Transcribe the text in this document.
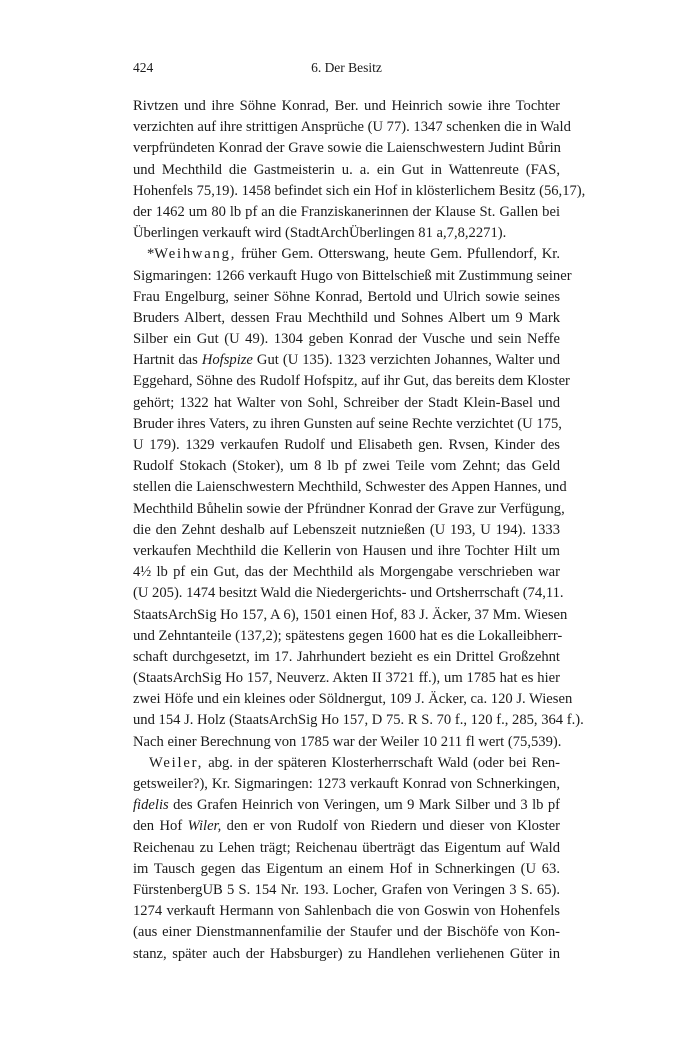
424	6. Der Besitz
Rivtzen und ihre Söhne Konrad, Ber. und Heinrich sowie ihre Tochter
verzichten auf ihre strittigen Ansprüche (U 77). 1347 schenken die in Wald
verpfründeten Konrad der Grave sowie die Laienschwestern Judint Bůrin
und Mechthild die Gastmeisterin u. a. ein Gut in Wattenreute (FAS,
Hohenfels 75,19). 1458 befindet sich ein Hof in klösterlichem Besitz (56,17),
der 1462 um 80 lb pf an die Franziskanerinnen der Klause St. Gallen bei
Überlingen verkauft wird (StadtArchÜberlingen 81 a,7,8,2271).
*Weihwang, früher Gem. Otterswang, heute Gem. Pfullendorf, Kr.
Sigmaringen: 1266 verkauft Hugo von Bittelschieß mit Zustimmung seiner
Frau Engelburg, seiner Söhne Konrad, Bertold und Ulrich sowie seines
Bruders Albert, dessen Frau Mechthild und Sohnes Albert um 9 Mark
Silber ein Gut (U 49). 1304 geben Konrad der Vusche und sein Neffe
Hartnit das Hofspize Gut (U 135). 1323 verzichten Johannes, Walter und
Eggehard, Söhne des Rudolf Hofspitz, auf ihr Gut, das bereits dem Kloster
gehört; 1322 hat Walter von Sohl, Schreiber der Stadt Klein-Basel und
Bruder ihres Vaters, zu ihren Gunsten auf seine Rechte verzichtet (U 175,
U 179). 1329 verkaufen Rudolf und Elisabeth gen. Rvsen, Kinder des
Rudolf Stokach (Stoker), um 8 lb pf zwei Teile vom Zehnt; das Geld
stellen die Laienschwestern Mechthild, Schwester des Appen Hannes, und
Mechthild Bůhelin sowie der Pfründner Konrad der Grave zur Verfügung,
die den Zehnt deshalb auf Lebenszeit nutznießen (U 193, U 194). 1333
verkaufen Mechthild die Kellerin von Hausen und ihre Tochter Hilt um
4½ lb pf ein Gut, das der Mechthild als Morgengabe verschrieben war
(U 205). 1474 besitzt Wald die Niedergerichts- und Ortsherrschaft (74,11.
StaatsArchSig Ho 157, A 6), 1501 einen Hof, 83 J. Äcker, 37 Mm. Wiesen
und Zehntanteile (137,2); spätestens gegen 1600 hat es die Lokalleibherr-
schaft durchgesetzt, im 17. Jahrhundert bezieht es ein Drittel Großzehnt
(StaatsArchSig Ho 157, Neuverz. Akten II 3721 ff.), um 1785 hat es hier
zwei Höfe und ein kleines oder Söldnergut, 109 J. Äcker, ca. 120 J. Wiesen
und 154 J. Holz (StaatsArchSig Ho 157, D 75. R S. 70 f., 120 f., 285, 364 f.).
Nach einer Berechnung von 1785 war der Weiler 10 211 fl wert (75,539).
Weiler, abg. in der späteren Klosterherrschaft Wald (oder bei Ren-
getsweiler?), Kr. Sigmaringen: 1273 verkauft Konrad von Schnerkingen,
fidelis des Grafen Heinrich von Veringen, um 9 Mark Silber und 3 lb pf
den Hof Wiler, den er von Rudolf von Riedern und dieser von Kloster
Reichenau zu Lehen trägt; Reichenau überträgt das Eigentum auf Wald
im Tausch gegen das Eigentum an einem Hof in Schnerkingen (U 63.
FürstenbergUB 5 S. 154 Nr. 193. Locher, Grafen von Veringen 3 S. 65).
1274 verkauft Hermann von Sahlenbach die von Goswin von Hohenfels
(aus einer Dienstmannenfamilie der Staufer und der Bischöfe von Kon-
stanz, später auch der Habsburger) zu Handlehen verliehenen Güter in
